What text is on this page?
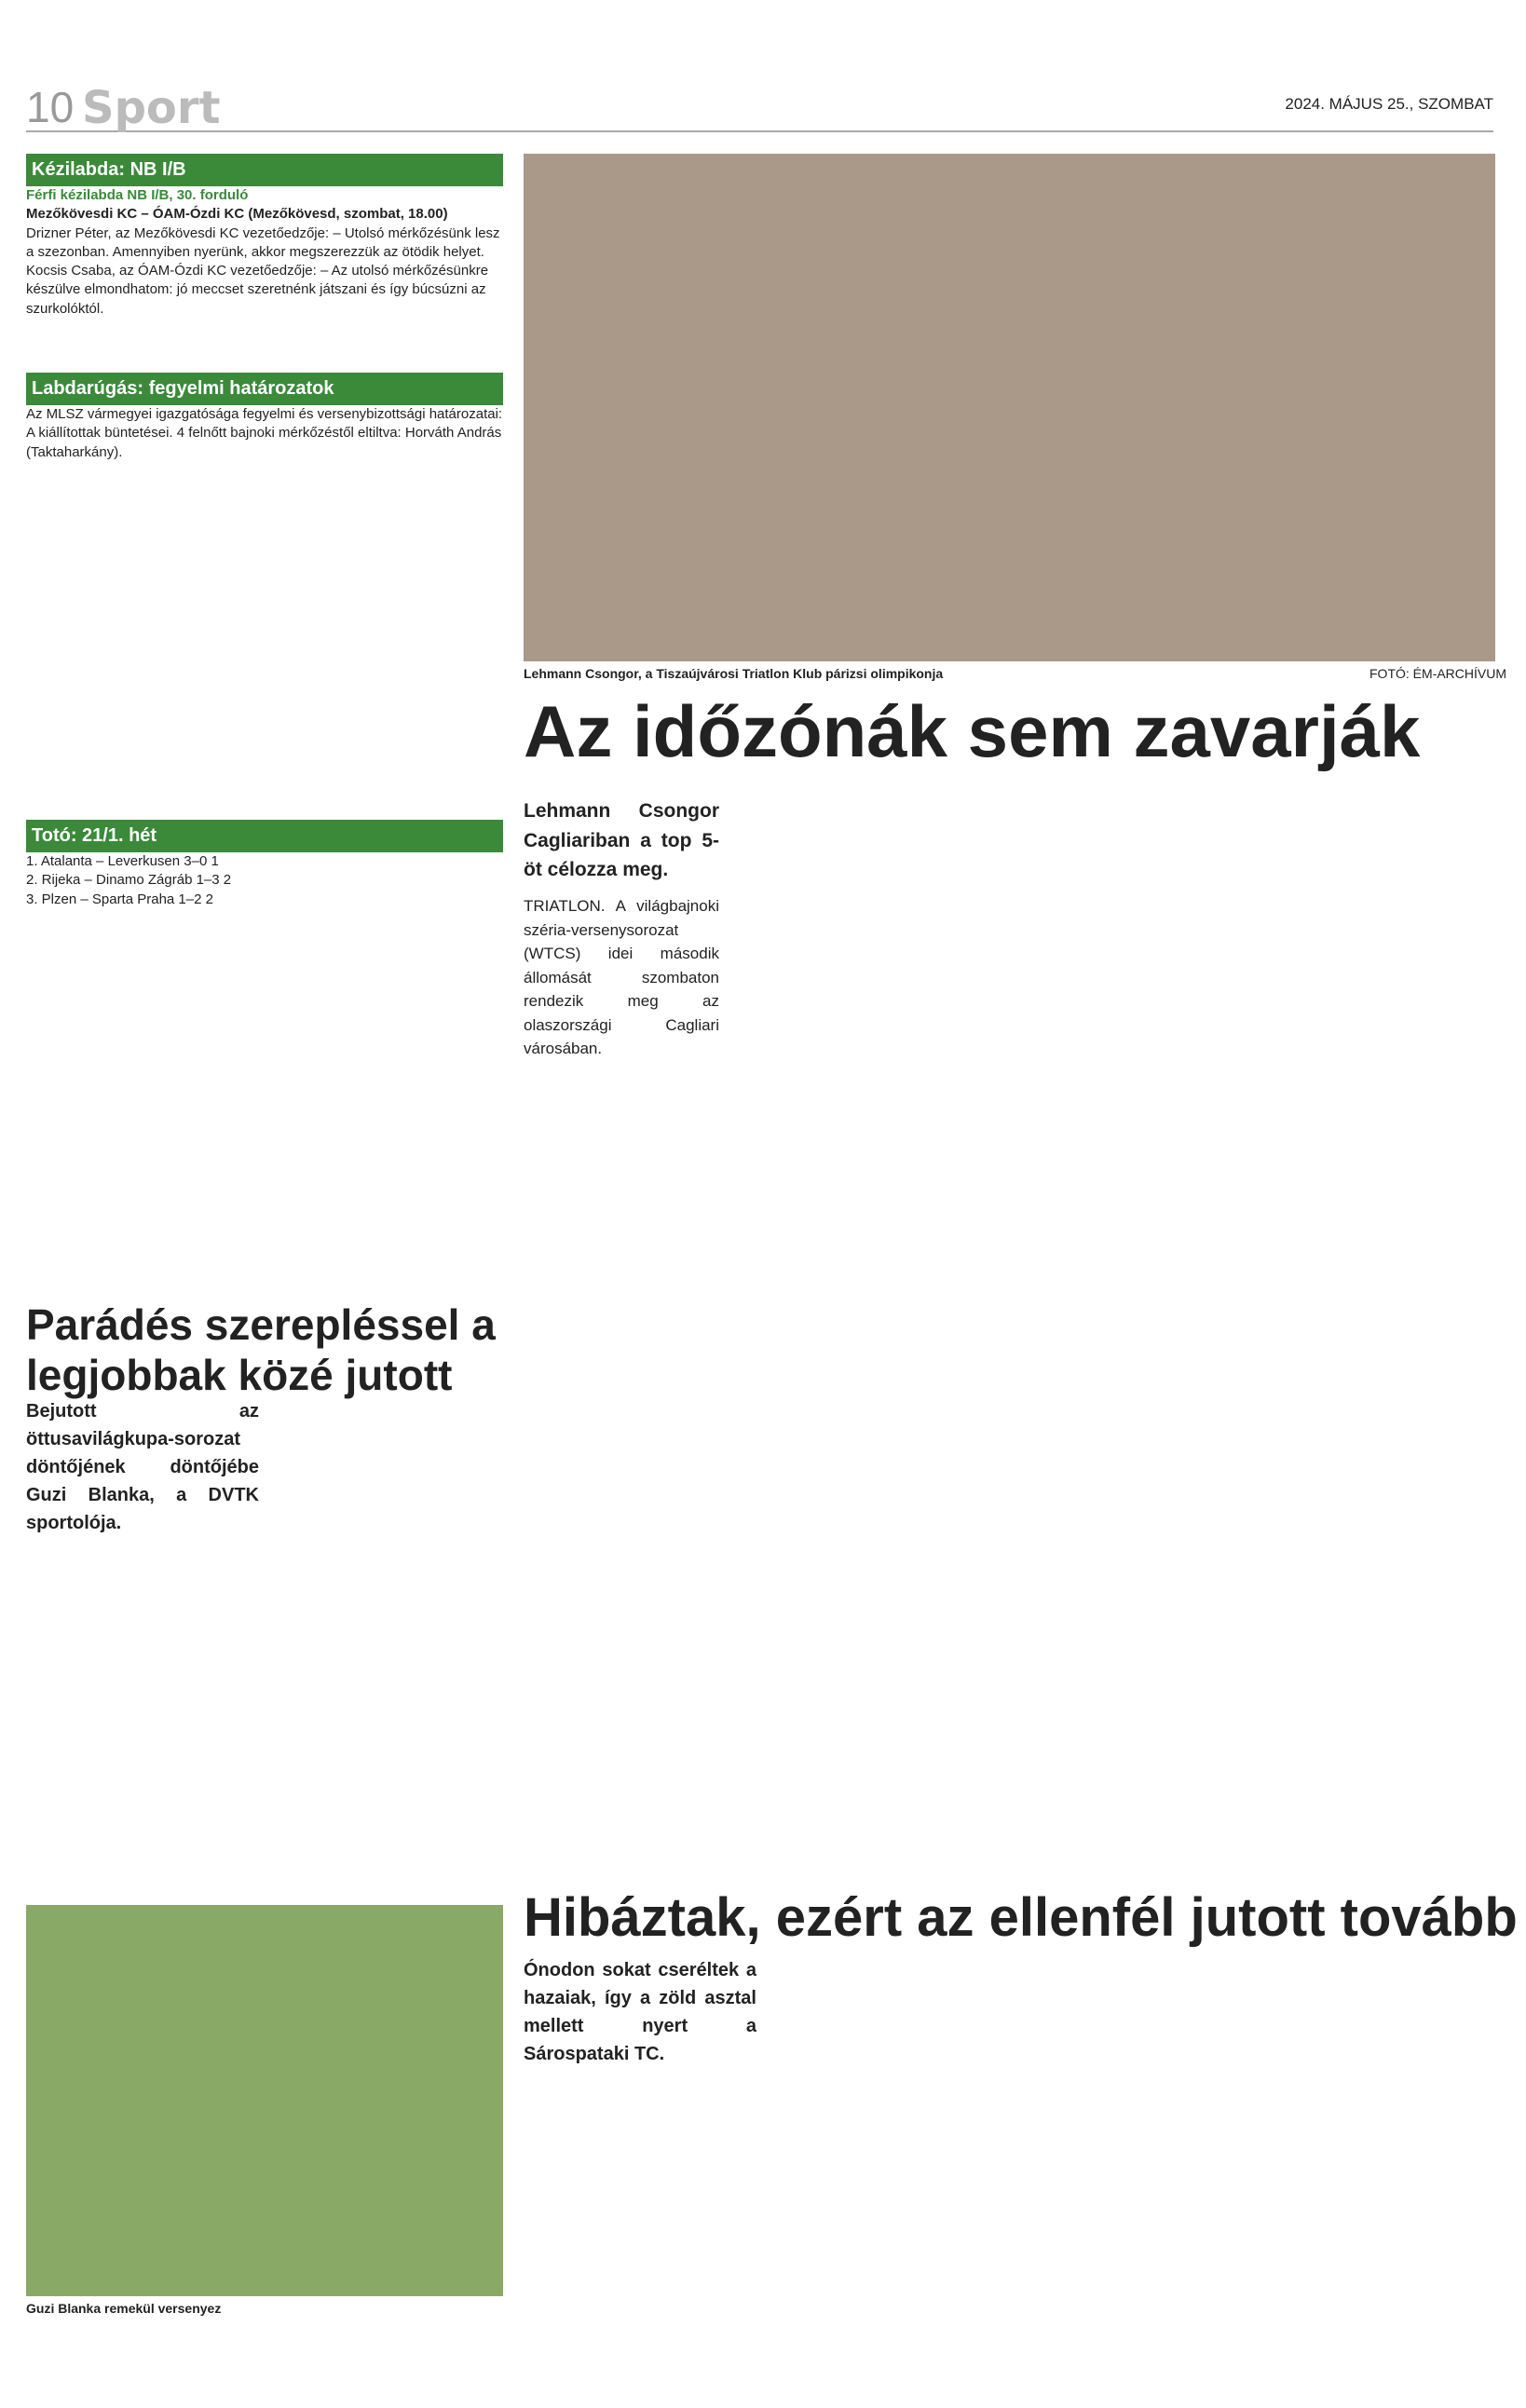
10 Sport	2024. MÁJUS 25., SZOMBAT
Kézilabda: NB I/B
Férfi kézilabda NB I/B, 30. forduló
Mezőkövesdi KC – ÓAM-Ózdi KC (Mezőkövesd, szombat, 18.00)
Drizner Péter, az Mezőkövesdi KC vezetőedzője: – Utolsó mérkőzésünk lesz a szezonban. Amennyiben nyerünk, akkor megszerezzük az ötödik helyet.
Kocsis Csaba, az ÓAM-Ózdi KC vezetőedzője: – Az utolsó mérkőzésünkre készülve elmondhatom: jó meccset szeretnénk játszani és így búcsúzni az szurkolóktól.
Labdarúgás: fegyelmi határozatok
Az MLSZ vármegyei igazgatósága fegyelmi és versenybizottsági határozatai: A kiállítottak büntetései. 4 felnőtt bajnoki mérkőzéstől eltiltva: Horváth András (Taktaharkány).
Totó: 21/1. hét
1. Atalanta – Leverkusen 3–0 1
2. Rijeka – Dinamo Zágráb 1–3 2
3. Plzen – Sparta Praha 1–2 2
Lehmann Csongor, a Tiszaújvárosi Triatlon Klub párizsi olimpikonja	FOTÓ: ÉM-ARCHÍVUM
Az időzónák sem zavarják
Lehmann Csongor Cagliariban a top 5-öt célozza meg.
TRIATLON. A világbajnoki széria-versenysorozat (WTCS) idei második állomását szombaton rendezik meg az olaszországi Cagliari városában.
Parádés szerepléssel a legjobbak közé jutott
Bejutott az öttusavilágkupa-sorozat döntőjének döntőjébe Guzi Blanka, a DVTK sportolója.
Guzi Blanka remekül versenyez
Hibáztak, ezért az ellenfél jutott tovább
Ónodon sokat cseréltek a hazaiak, így a zöld asztal mellett nyert a Sárospataki TC.
